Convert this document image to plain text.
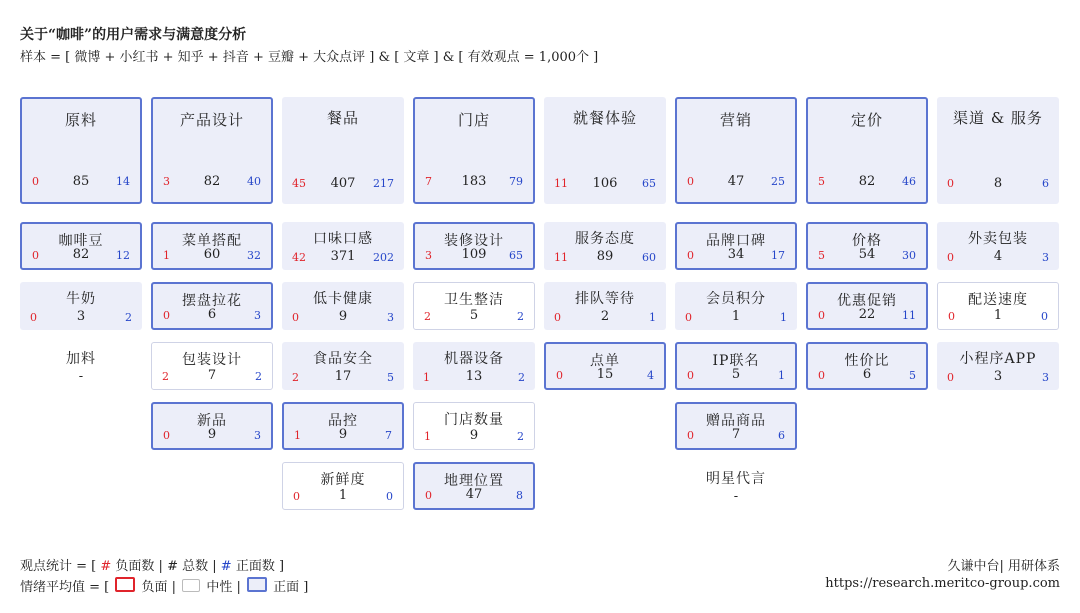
关于“咖啡”的用户需求与满意度分析
样本 = [ 微博 + 小红书 + 知乎 + 抖音 + 豆瓣 + 大众点评 ] & [ 文章 ] & [ 有效观点 = 1,000个 ]
原料
0	85	14
咖啡豆
0	82	12
牛奶
0	3	2
加料
-
产品设计
3	82	40
菜单搭配
1	60	32
摆盘拉花
0	6	3
包装设计
2	7	2
新品
0	9	3
餐品
45	407	217
口味口感
42	371	202
低卡健康
0	9	3
食品安全
2	17	5
品控
1	9	7
新鲜度
0	1	0
门店
7	183	79
装修设计
3	109	65
卫生整洁
2	5	2
机器设备
1	13	2
门店数量
1	9	2
地理位置
0	47	8
就餐体验
11	106	65
服务态度
11	89	60
排队等待
0	2	1
点单
0	15	4
营销
0	47	25
品牌口碑
0	34	17
会员积分
0	1	1
IP联名
0	5	1
赠品商品
0	7	6
明星代言
-
定价
5	82	46
价格
5	54	30
优惠促销
0	22	11
性价比
0	6	5
渠道 & 服务
0	8	6
外卖包装
0	4	3
配送速度
0	1	0
小程序APP
0	3	3
观点统计 = [ # 负面数 | # 总数 | # 正面数 ]
情绪平均值 = [ 负面 | 中性 | 正面 ]
久谦中台| 用研体系
https://research.meritco-group.com
